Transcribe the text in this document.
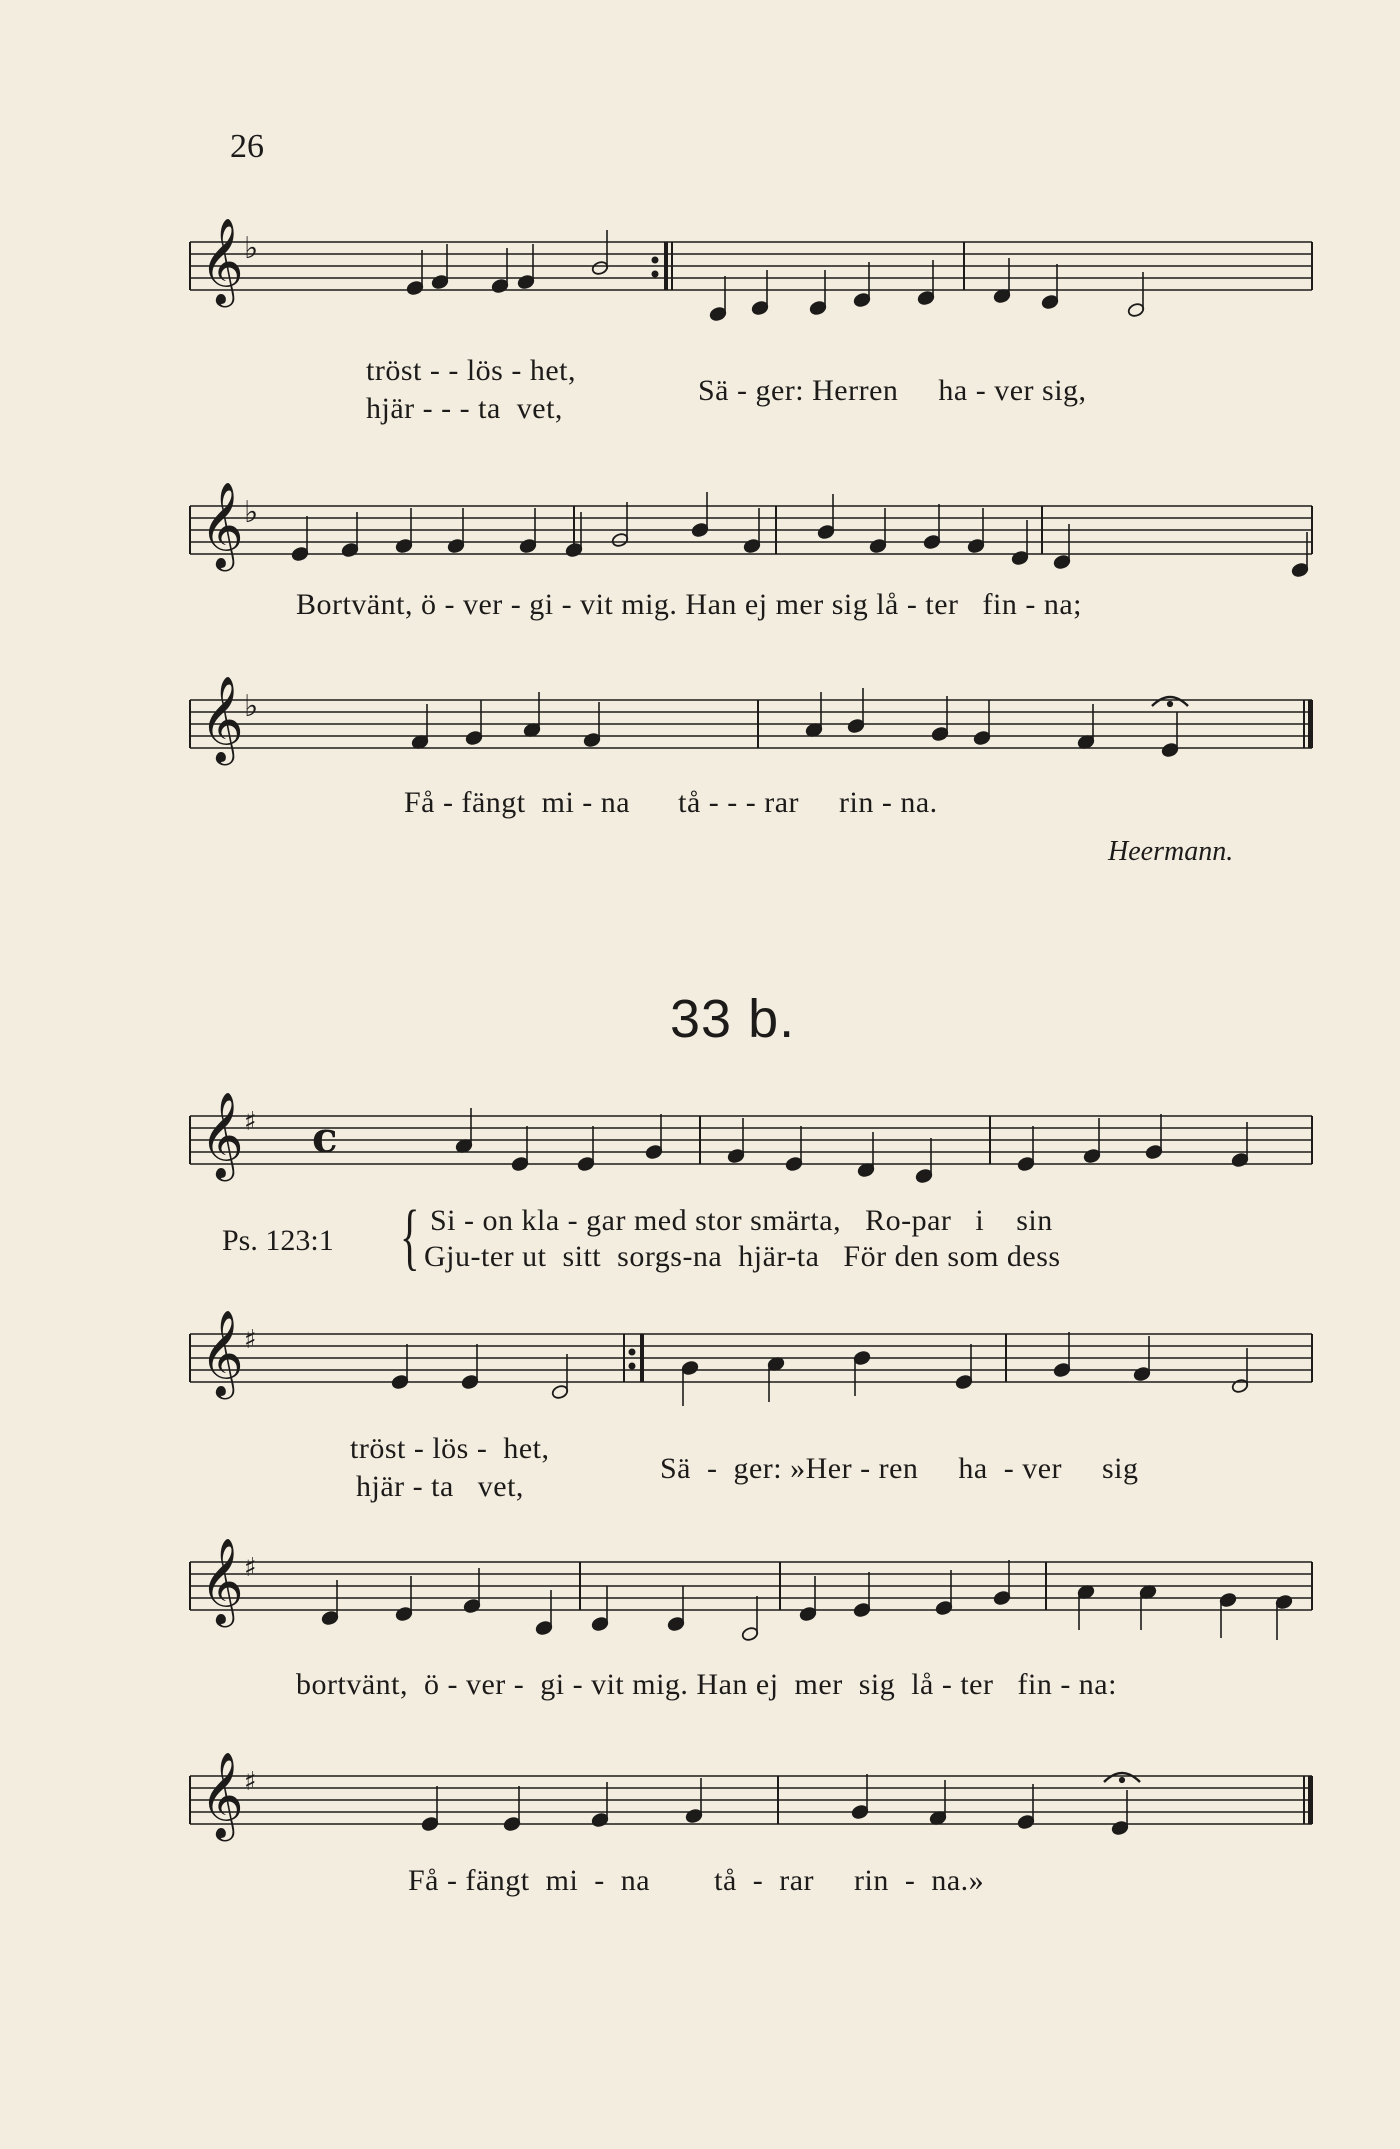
26
𝄞 ♭
𝄞 ♭
𝄞 ♭
𝄞 ♯ c
𝄞 ♯
𝄞 ♯
𝄞 ♯
tröst - - lös - het,
hjär - - - ta  vet,
Sä - ger: Herren     ha - ver sig,
Bortvänt, ö - ver - gi - vit mig. Han ej mer sig lå - ter   fin - na;
Få - fängt  mi - na      tå - - - rar     rin - na.
Heermann.
33 b.
Ps. 123:1 { Si - on kla - gar med stor smärta,   Ro-par   i    sin
Gju-ter ut  sitt  sorgs-na  hjär-ta   För den som dess
tröst - lös -  het,
hjär - ta   vet,
Sä  -  ger: »Her - ren     ha  - ver     sig
bortvänt,  ö - ver -  gi - vit mig. Han ej  mer  sig  lå - ter   fin - na:
Få - fängt  mi  -  na        tå  -  rar     rin  -  na.»
